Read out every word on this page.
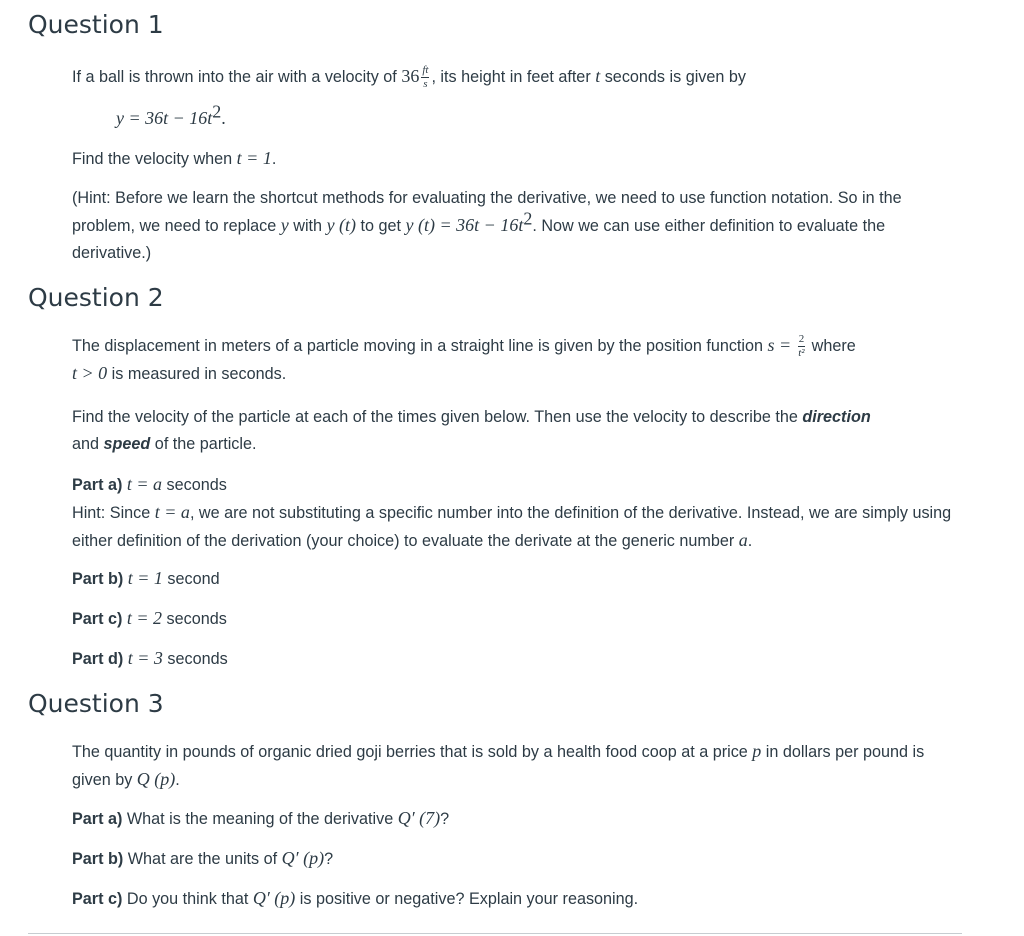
Question 1

If a ball is thrown into the air with a velocity of $36 \frac{ft}{s}$ , its height in feet after t seconds is given by

$y = 36t - 16t^2$.

Find the velocity when t = 1.

(Hint: Before we learn the shortcut methods for evaluating the derivative, we need to use function notation. So in the problem, we need to replace y with y (t) to get y $(t) = 36t - 16t^2$. Now we can use either definition to evaluate the derivative.)

Question 2

The displacement in meters of a particle moving in a straight line is given by the position function $s = \frac{2}{\text{t²}}$ where
t > 0 is measured in seconds.

Find the velocity of the particle at each of the times given below. Then use the velocity to describe the direction
and speed of the particle.

Part a) t = a seconds
Hint: Since t = a, we are not substituting a specific number into the definition of the derivative. Instead, we are simply using either definition of the derivation (your choice) to evaluate the derivate at the generic number a.

Part b) t = 1 second

Part c) t = 2 seconds

Part d) t = 3 seconds

Question 3

The quantity in pounds of organic dried goji berries that is sold by a health food coop at a price p in dollars per pound is given by Q (p).

Part a) What is the meaning of the derivative Q′ (7)?

Part b) What are the units of Q′ (p)?

Part c) Do you think that Q′ (p) is positive or negative? Explain your reasoning.
